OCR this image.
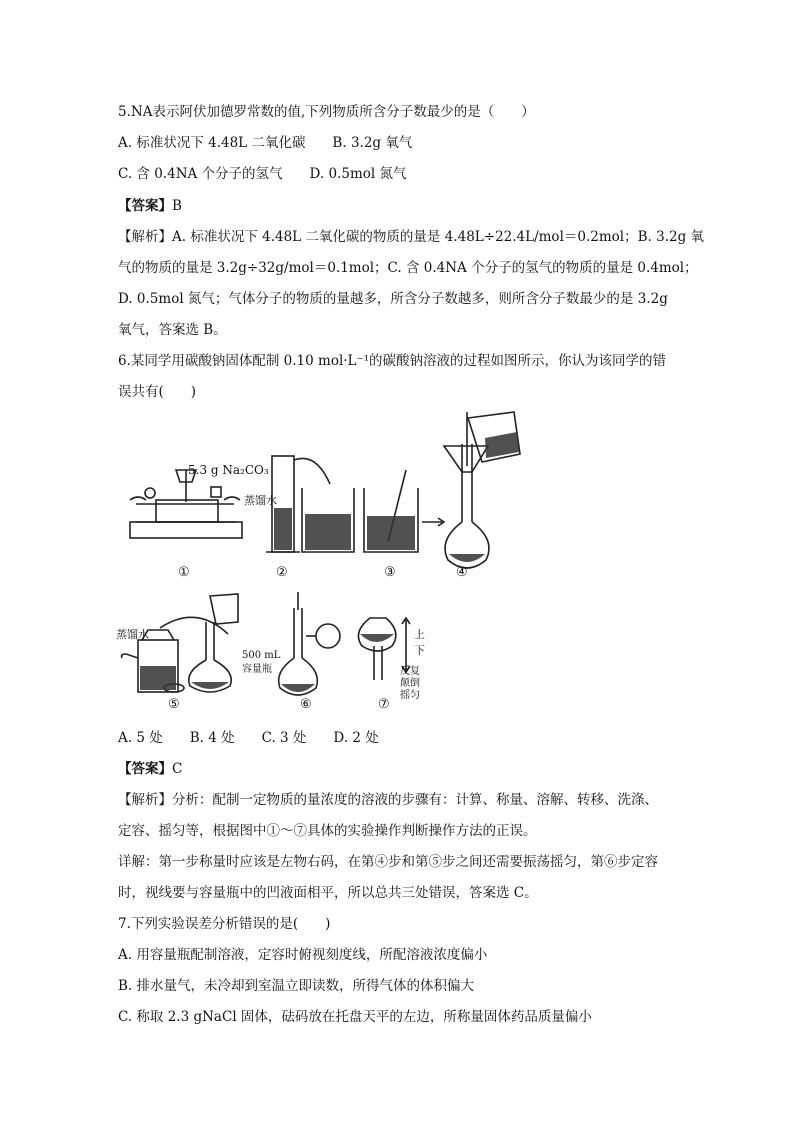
5.NA表示阿伏加德罗常数的值,下列物质所含分子数最少的是（　　）
A. 标准状况下 4.48L 二氧化碳　　B. 3.2g 氧气
C. 含 0.4NA 个分子的氢气　　D. 0.5mol 氮气
【答案】B
【解析】A. 标准状况下 4.48L 二氧化碳的物质的量是 4.48L÷22.4L/mol＝0.2mol；B. 3.2g 氧
气的物质的量是 3.2g÷32g/mol＝0.1mol；C. 含 0.4NA 个分子的氢气的物质的量是 0.4mol；
D. 0.5mol 氮气；气体分子的物质的量越多，所含分子数越多，则所含分子数最少的是 3.2g
氧气，答案选 B。
6.某同学用碳酸钠固体配制 0.10 mol·L⁻¹的碳酸钠溶液的过程如图所示，你认为该同学的错
误共有(　　)
5.3 g Na₂CO₃
蒸馏水
①	②	③	④
蒸馏水
500 mL
容量瓶
⑤	⑥	⑦
上
下
反复
颠倒
摇匀
A. 5 处　　B. 4 处　　C. 3 处　　D. 2 处
【答案】C
【解析】分析：配制一定物质的量浓度的溶液的步骤有：计算、称量、溶解、转移、洗涤、
定容、摇匀等，根据图中①～⑦具体的实验操作判断操作方法的正误。
详解：第一步称量时应该是左物右码，在第④步和第⑤步之间还需要振荡摇匀，第⑥步定容
时，视线要与容量瓶中的凹液面相平，所以总共三处错误，答案选 C。
7.下列实验误差分析错误的是(　　)
A. 用容量瓶配制溶液，定容时俯视刻度线，所配溶液浓度偏小
B. 排水量气，未冷却到室温立即读数，所得气体的体积偏大
C. 称取 2.3 gNaCl 固体，砝码放在托盘天平的左边，所称量固体药品质量偏小
